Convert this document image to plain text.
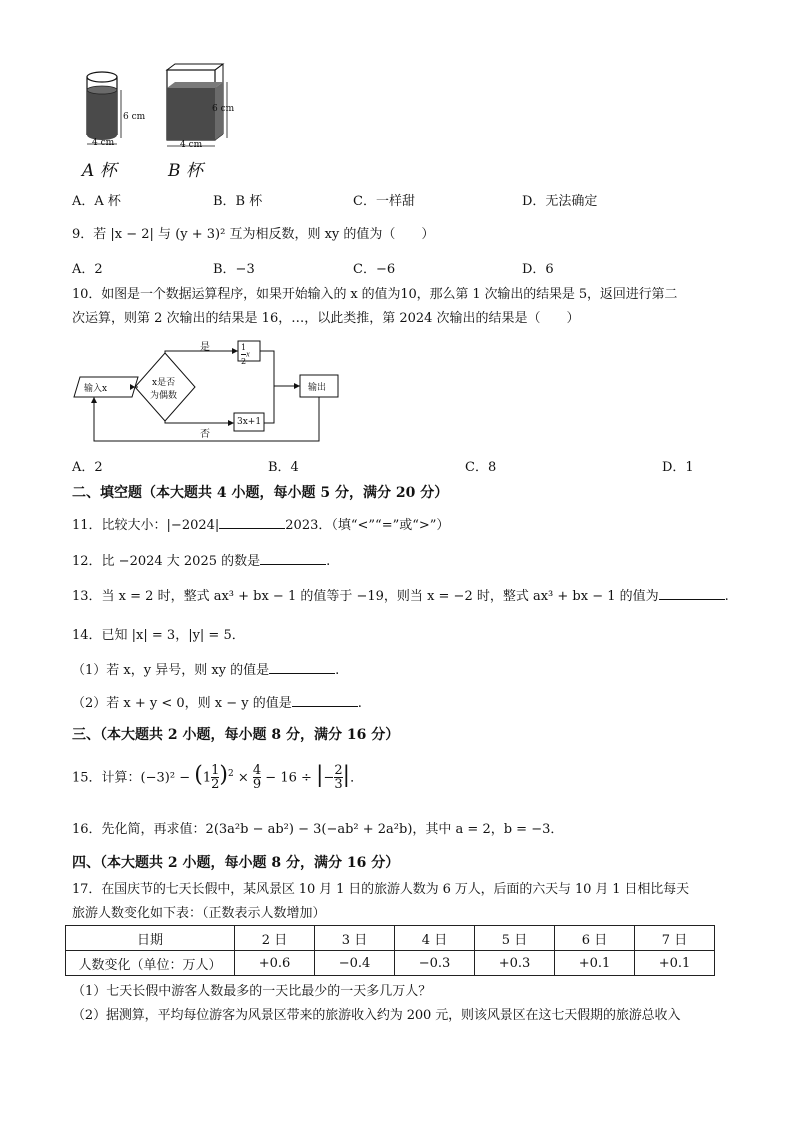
6 cm
4 cm
6 cm
4 cm
A 杯	B 杯
A．A 杯	B．B 杯	C．一样甜	D．无法确定
9．若 |x − 2| 与 (y + 3)² 互为相反数，则 xy 的值为（　　）
A．2	B．−3	C．−6	D．6
10．如图是一个数据运算程序，如果开始输入的 x 的值为10，那么第 1 次输出的结果是 5，返回进行第二
次运算，则第 2 次输出的结果是 16，…，以此类推，第 2024 次输出的结果是（　　）
输入x
x是否
为偶数
是
否
$\frac{1}{2}$ x
3x+1
输出
A．2	B．4	C．8	D．1
二、填空题（本大题共 4 小题，每小题 5 分，满分 20 分）
11．比较大小：|−2024|	2023．（填“<”“=”或“>”）
12．比 −2024 大 2025 的数是	.
13．当 x = 2 时，整式 ax³ + bx − 1 的值等于 −19，则当 x = −2 时，整式 ax³ + bx − 1 的值为	.
14．已知 |x| = 3，|y| = 5．
（1）若 x，y 异号，则 xy 的值是	.
（2）若 x + y < 0，则 x − y 的值是	.
三、（本大题共 2 小题，每小题 8 分，满分 16 分）
15．计算：$(-3)^2 - (1 \frac{1}{2} )^2 \times \frac{4}{9} - 16$ ÷ |− $\frac{2}{3}$ |．
16．先化简，再求值：2(3a²b − ab²) − 3(−ab² + 2a²b)，其中 a = 2，b = −3．
四、（本大题共 2 小题，每小题 8 分，满分 16 分）
17．在国庆节的七天长假中，某风景区 10 月 1 日的旅游人数为 6 万人，后面的六天与 10 月 1 日相比每天
旅游人数变化如下表：（正数表示人数增加）
日期	2 日	3 日	4 日	5 日	6 日	7 日
人数变化（单位：万人）	+0.6	−0.4	−0.3	+0.3	+0.1	+0.1
（1）七天长假中游客人数最多的一天比最少的一天多几万人？
（2）据测算，平均每位游客为风景区带来的旅游收入约为 200 元，则该风景区在这七天假期的旅游总收入
